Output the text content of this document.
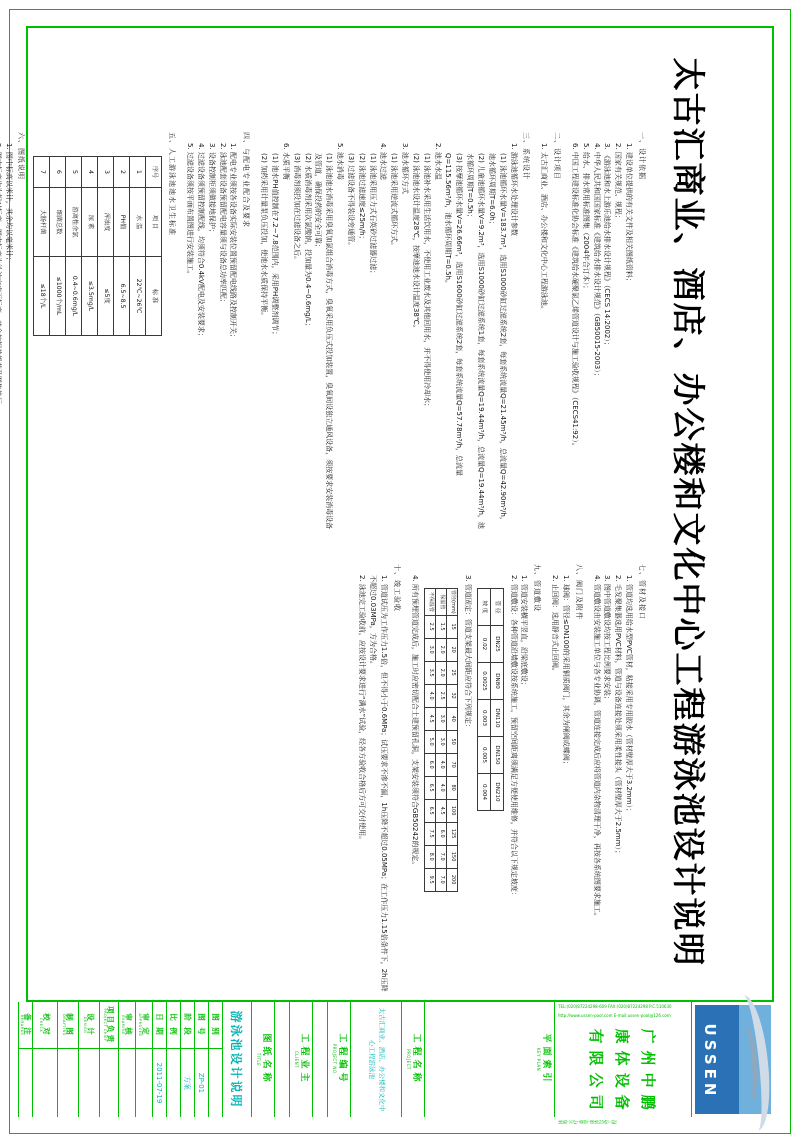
太古汇商业、酒店、办公楼和文化中心工程游泳池设计说明
一、设计依据
1. 建设单位提供的有关文件及相关图纸资料；
2. 国家有关规范、规程；
3. 《游泳池和水上游乐池给水排水设计规程》（CECS 14:2002）；
4. 中华人民共和国国家标准《建筑给水排水设计规范》（GB50015-2003）；
5. 给水、排水常用标准图集（2004年合订本）；
6. 中国工程建设标准化协会标准《建筑给水硬聚氯乙烯管道设计与施工验收规程》（CECS41:92）。
二、设计项目
1. 太古汇商业、酒店、办公楼和文化中心工程游泳池。
三、系统设计
1. 游泳池循环水处理设计参数
(1) 泳池循环水量V=183.7m³，选用S1000砂缸过滤系统2套，每套系统流量Q=21.45m³/h，总流量Q=42.90m³/h，池水循环周期T=6.0h；
(2) 儿童池循环水量V=9.2m³，选用S1000砂缸过滤系统1套，每套系统流量Q=19.44m³/h，总流量Q=19.44m³/h，池水循环周期T=0.5h；
(3) 按摩池循环水量V=26.66m³，选用S1600砂缸过滤系统2套，每套系统流量Q=57.78m³/h，总流量Q=115.56m³/h，池水循环周期T=0.5h。
2. 池水水温
(1) 泳池补水采用生活饮用水，不使用工业废水及其他回用水，并不得使用冷却水；
(2) 泳池池水设计温度28℃，按摩池池水设计温度38℃。
3. 池水循环方式
(1) 泳池采用逆流式循环方式。
4. 池水过滤
(1) 泳池采用压力式石英砂过滤器过滤；
(2) 泳池过滤速度≤25m/h；
(3) 过滤设备不得装设旁通管。
5. 池水消毒
(1) 泳池池水消毒采用臭氧加氯组合消毒方式，臭氧采用负压式投加装置，臭氧间设独立通风设备，须按要求安装消毒设备及管道，确保投药的安全可靠；
(2) 水质消毒剂采用次氯酸钠，投加量为0.4~0.6mg/L；
(3) 消毒剂须投加在过滤设备之后。
6. 水质平衡
(1) 池水PH值控制在7.2~7.8范围内，采用PH调整剂调节；
(2) 加药采用计量泵负压投加，使池水水质保持平衡。
四、与配电专业配合及要求
1. 配电专业须按各设备实际安装位置预留配电线路及控制开关；
2. 泳池配套设备预留配电容量须与设备总功率匹配；
3. 设备控制柜须做接地保护；
4. 过滤设备须预留控制配线，均须符合0.4kV配电及安装要求；
5. 过滤设备须按平面布置图进行安装施工。
五、人工游泳池池水卫生标准
序号	项 目	标 准
1	水 温	22℃~26℃
2	PH值	6.5~8.5
3	浑浊度	≤5度
4	尿 素	≤3.5mg/L
5	游离性余氯	0.4~0.6mg/L
6	细菌总数	≤1000个/mL
7	大肠杆菌	≤18个/L
六、图纸说明
1. 图中标高以米计，其余均以毫米计；
七、管材及接口
1. 管道均选用给水型PVC管材，粘接采用专用胶水（管材壁厚大于3.2mm）；
2. 毛发聚集器选用PVC材料，管道与设备连接处须采用柔性接头（管材壁厚大于2.5mm）；
3. 图中管道敷设均按工程比例要求安装；
4. 管道敷设由安装施工单位与各专业协调，管道连接完成后应将管道内杂物清理干净，再按各系统图要求施工。
八、阀门及附件
1. 球阀：管径≤DN100的采用铜质阀门，其余为闸阀或蝶阀；
2. 止回阀：选用静音式止回阀。
九、管道敷设
1. 管道安装横平竖直，沿梁底敷设；
2. 管道敷设：各种管道沿墙敷设按系统施工，预留空间距离须满足方便使用维修，并符合以下规定坡度：
管 径	DN25	DN80	DN110	DN150	DN210
坡 度	0.02	0.0025	0.003	0.005	0.004
3. 管道固定：管道支架最大间距应符合下列规定：
管径(mm)	15	20	25	32	40	50	70	80	100	125	150	200
保温管	1.5	2.0	2.0	2.5	3.0	3.0	4.0	4.0	4.5	6.0	7.0	7.0
不保温管	2.5	3.0	3.5	4.0	4.5	5.0	6.0	6.5	6.5	7.5	8.0	9.5
4. 所有预埋管道完成后，施工时应密切配合土建预留孔洞，支架安装须符合GB50242的规定。
十、竣工验收
1. 管道试压为工作压力1.5倍，但不得小于0.6MPa；试压要求不渗不漏，1h压降不超过0.05MPa；在工作压力1.15倍条件下，2h压降不超过0.03MPa，方为合格。
2. 泳池完工验收前，应按设计要求进行“满水”试验，经各方验收合格后方可交付使用。
USSEN
TEL:(020)87224298-609 FAX:(020)87224298 P.C.510630
http://www.ussen-pool.com E-mail:ussen-pool@126.com
广州中鹏
康体设备
有限公司
泳池·水疗·桑拿·康体设备工程
平面索引
KEY PLAN
工程名称
PROJECT
太古汇商业、酒店、办公楼和文化中心工程游泳池
工程编号
PROJECT NO.
工程业主
CLIENT
图纸名称
TITLE
游泳池设计说明
图 别
图 号
ZP-01
阶 段
方案
比 例
日 期
2011-07-19
审 定
APPROVED
审 核
EXAMINE
项目负责
PROJECT CHIEF
设 计
DESIGN
制 图
DRAFTING
校 对
CHECK
备 注
REMARKS
